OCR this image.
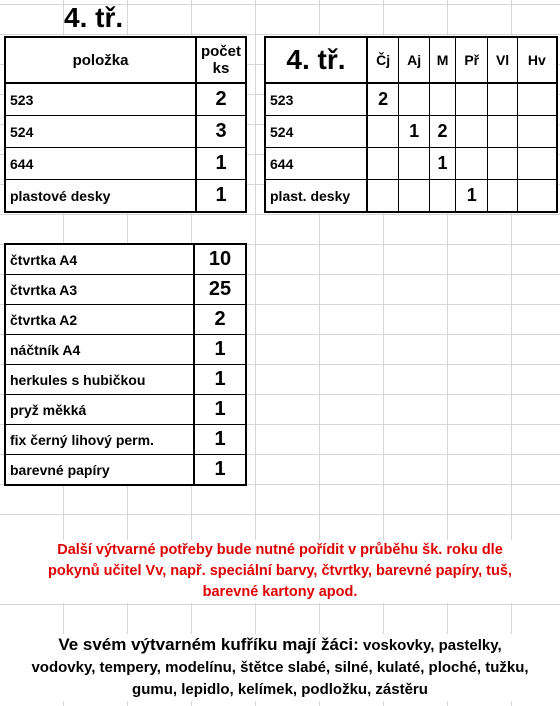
4. tř.
položka	počet
ks

523	2
524	3
644	1
plastové desky	1
4. tř.	Čj	Aj	M	Př	Vl	Hv
523	2					
524		1	2			
644			1			
plast. desky				1		
čtvrtka A4	10
čtvrtka A3	25
čtvrtka A2	2
náčtník A4	1
herkules s hubičkou	1
pryž měkká	1
fix černý lihový perm.	1
barevné papíry	1
Další výtvarné potřeby bude nutné pořídit v průběhu šk. roku dle
pokynů učitel Vv, např. speciální barvy, čtvrtky, barevné papíry, tuš,
barevné kartony apod.
Ve svém výtvarném kufříku mají žáci: voskovky, pastelky,
vodovky, tempery, modelínu, štětce slabé, silné, kulaté, ploché, tužku,
gumu, lepidlo, kelímek, podložku, zástěru
